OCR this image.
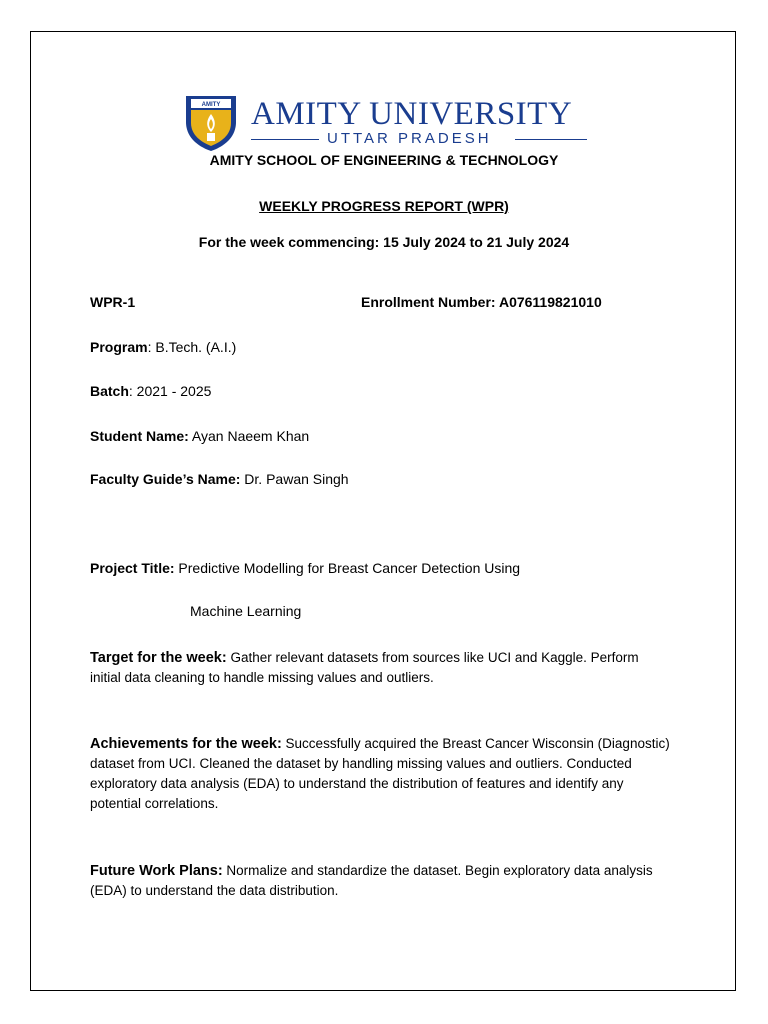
AMITY AMITY UNIVERSITY
UTTAR PRADESH
AMITY SCHOOL OF ENGINEERING & TECHNOLOGY
WEEKLY PROGRESS REPORT (WPR)
For the week commencing: 15 July 2024 to 21 July 2024
WPR-1	Enrollment Number: A076119821010
Program: B.Tech. (A.I.)
Batch: 2021 - 2025
Student Name: Ayan Naeem Khan
Faculty Guide’s Name: Dr. Pawan Singh
Project Title: Predictive Modelling for Breast Cancer Detection Using
Machine Learning
Target for the week: Gather relevant datasets from sources like UCI and Kaggle. Perform initial data cleaning to handle missing values and outliers.
Achievements for the week: Successfully acquired the Breast Cancer Wisconsin (Diagnostic) dataset from UCI. Cleaned the dataset by handling missing values and outliers. Conducted exploratory data analysis (EDA) to understand the distribution of features and identify any potential correlations.
Future Work Plans: Normalize and standardize the dataset. Begin exploratory data analysis (EDA) to understand the data distribution.
